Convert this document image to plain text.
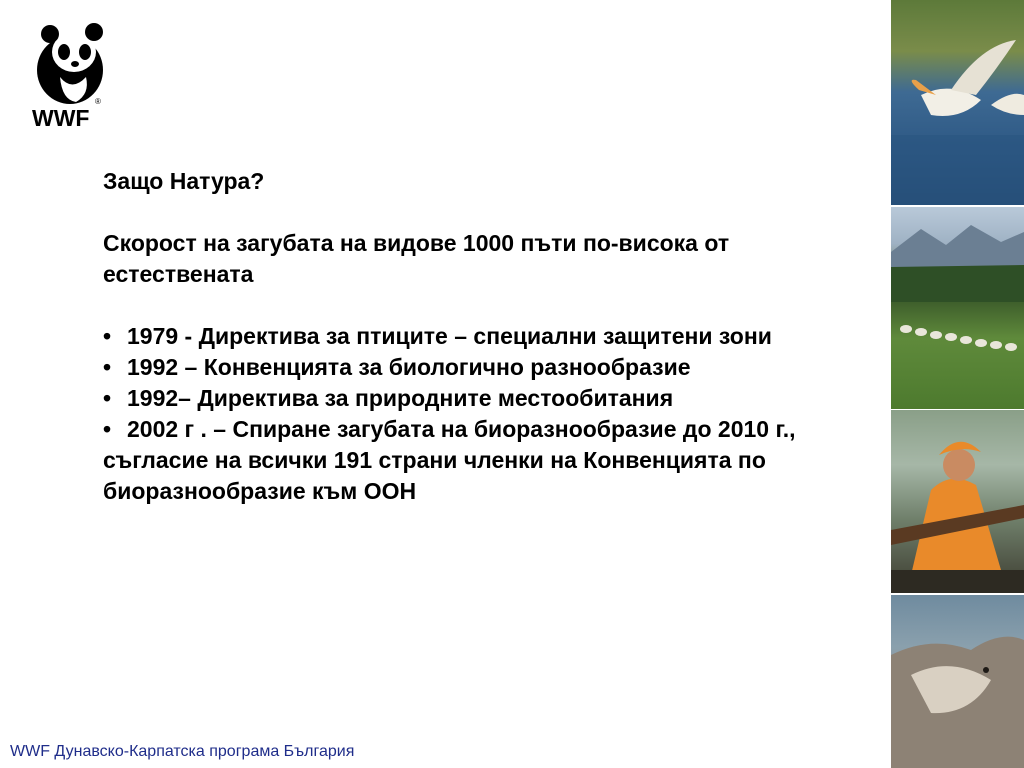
WWF
®

Защо Натура?

Скорост на загубата на видове 1000 пъти по-висока от естествената

• 1979 - Директива за птиците – специални защитени зони
• 1992 – Конвенцията за биологично разнообразие
• 1992– Директива за природните местообитания
• 2002 г . – Спиране загубата на биоразнообразие до 2010 г., съгласие на всички 191 страни членки на Конвенцията по биоразнообразие към ООН
WWF Дунавско-Карпатска програма България
